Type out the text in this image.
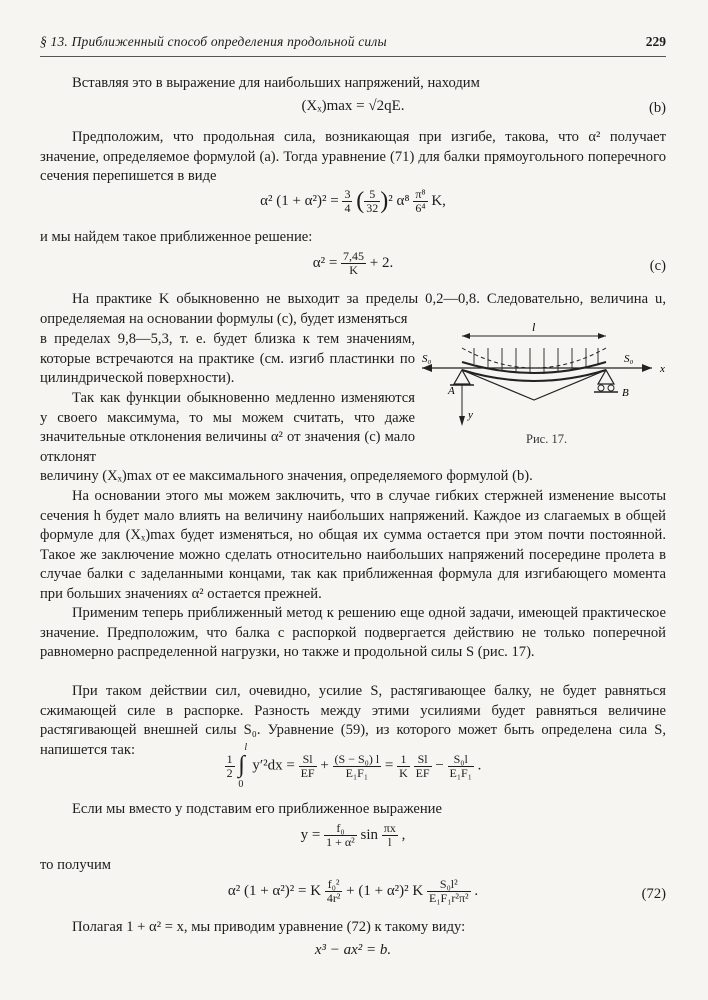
§ 13. Приближенный способ определения продольной силы	229

Вставляя это в выражение для наибольших напряжений, находим

(Xₓ)max = √2qE.	(b)

Предположим, что продольная сила, возникающая при изгибе, такова, что α² получает значение, определяемое формулой (a). Тогда уравнение (71) для балки прямоугольного поперечного сечения перепишется в виде

α² $(1 + \alpha^2)^2 = \frac{3}{4}$ ( $\frac{5}{32} )^2$ $\alpha^8 \frac{\text{π⁸}}{\text{6⁴}} K$,

и мы найдем такое приближенное решение:

$\alpha^2 = \frac{7,45}{K} + 2$.	(c)

На практике K обыкновенно не выходит за пределы 0,2—0,8. Следовательно, величина u, определяемая на основании формулы (c), будет изменяться

в пределах 9,8—5,3, т. е. будет близка к тем значениям, которые встречаются на практике (см. изгиб пластинки по цилиндрической поверхности).

Так как функции обыкновенно медленно изменяются у своего максимума, то мы можем считать, что даже значительные отклонения величины α² от значения (c) мало отклонят

величину (Xₓ)max от ее максимального значения, определяемого формулой (b).

l
S₀	S₀
A	B
x
y
Рис. 17.

На основании этого мы можем заключить, что в случае гибких стержней изменение высоты сечения h будет мало влиять на величину наибольших напряжений. Каждое из слагаемых в общей формуле для (Xₓ)max будет изменяться, но общая их сумма остается при этом почти постоянной. Такое же заключение можно сделать относительно наибольших напряжений посередине пролета в случае балки с заделанными концами, так как приближенная формула для изгибающего момента при больших значениях α² остается прежней.

Применим теперь приближенный метод к решению еще одной задачи, имеющей практическое значение. Предположим, что балка с распоркой подвергается действию не только поперечной равномерно распределенной нагрузки, но также и продольной силы S (рис. 17).

При таком действии сил, очевидно, усилие S, растягивающее балку, не будет равняться сжимающей силе в распорке. Разность между этими усилиями будет равняться величине растягивающей внешней силы S₀. Уравнение (59), из которого может быть определена сила S, напишется так:

$\frac{1}{2}$

l
∫
0
$y'^2dx = \frac{Sl}{EF} + \frac{\text{(S − S₀) l}}{\text{E₁F₁}} = \frac{1}{K}$
$\frac{Sl}{EF} - \frac{\text{S₀l}}{\text{E₁F₁}}$ .

Если мы вместо y подставим его приближенное выражение

$y = \frac{\text{f₀}}{\text{1 + α²}}$ $\sin \frac{\pi x}{l}$ ,

то получим

α² (1 + α²)² = K $\frac{\text{f₀²}}{\text{4r²}} + (1 + \alpha^2)^2$ K $\frac{\text{S₀l²}}{\text{E₁F₁r²π²}}$ .	(72)

Полагая 1 + α² = x, мы приводим уравнение (72) к такому виду:

x³ − ax² = b.
